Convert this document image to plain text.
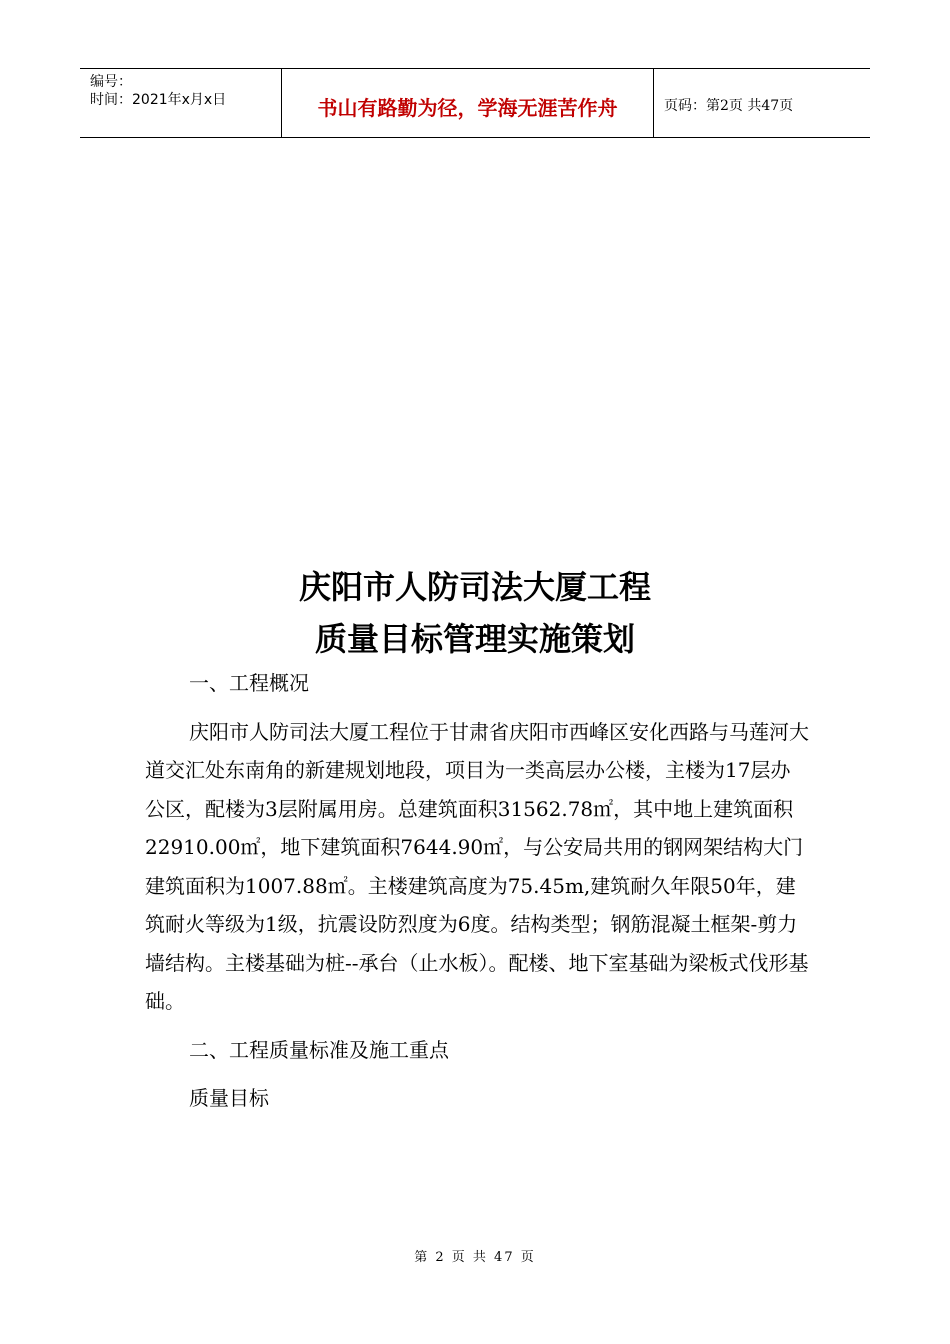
编号：
时间：2021年x月x日	书山有路勤为径，学海无涯苦作舟	页码：第2页 共47页
庆阳市人防司法大厦工程
质量目标管理实施策划

一、工程概况

庆阳市人防司法大厦工程位于甘肃省庆阳市西峰区安化西路与马莲河大道交汇处东南角的新建规划地段，项目为一类高层办公楼，主楼为17层办公区，配楼为3层附属用房。总建筑面积31562.78㎡，其中地上建筑面积22910.00㎡，地下建筑面积7644.90㎡，与公安局共用的钢网架结构大门建筑面积为1007.88㎡。主楼建筑高度为75.45m,建筑耐久年限50年，建筑耐火等级为1级，抗震设防烈度为6度。结构类型；钢筋混凝土框架-剪力墙结构。主楼基础为桩--承台（止水板）。配楼、地下室基础为梁板式伐形基础。

二、工程质量标准及施工重点

质量目标

第 2 页 共 47 页
